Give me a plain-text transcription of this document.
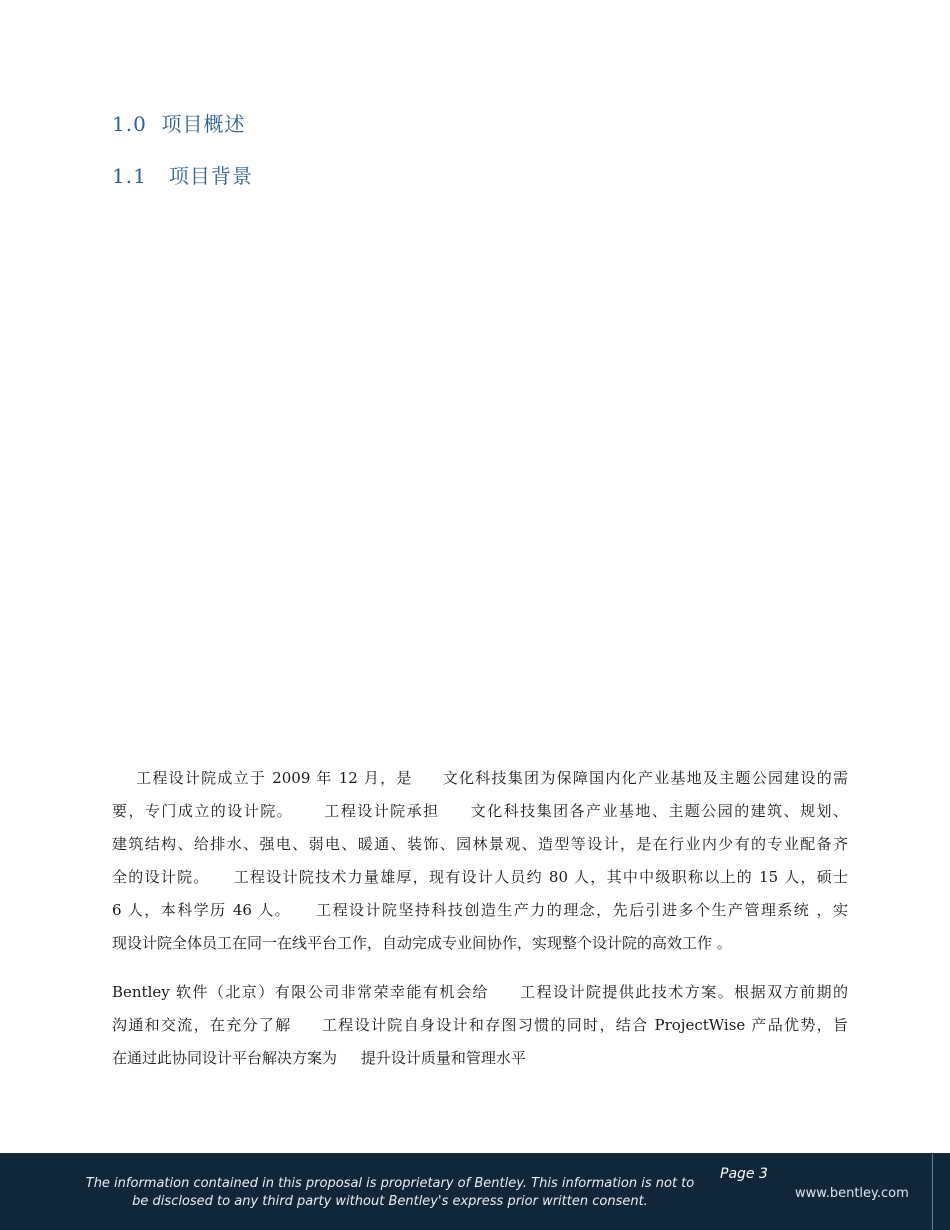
1.0  项目概述
1.1   项目背景
工程设计院成立于 2009 年 12 月，是     文化科技集团为保障国内化产业基地及主题公园建设的需
要，专门成立的设计院。     工程设计院承担     文化科技集团各产业基地、主题公园的建筑、规划、
建筑结构、给排水、强电、弱电、暖通、装饰、园林景观、造型等设计，是在行业内少有的专业配备齐
全的设计院。    工程设计院技术力量雄厚，现有设计人员约 80 人，其中中级职称以上的 15 人，硕士
6 人，本科学历 46 人。    工程设计院坚持科技创造生产力的理念，先后引进多个生产管理系统 ，实
现设计院全体员工在同一在线平台工作，自动完成专业间协作，实现整个设计院的高效工作 。
Bentley 软件（北京）有限公司非常荣幸能有机会给     工程设计院提供此技术方案。根据双方前期的
沟通和交流，在充分了解     工程设计院自身设计和存图习惯的同时，结合 ProjectWise 产品优势，旨
在通过此协同设计平台解决方案为     提升设计质量和管理水平
The information contained in this proposal is proprietary of Bentley. This information is not to
be disclosed to any third party without Bentley's express prior written consent.
Page 3
www.bentley.com
